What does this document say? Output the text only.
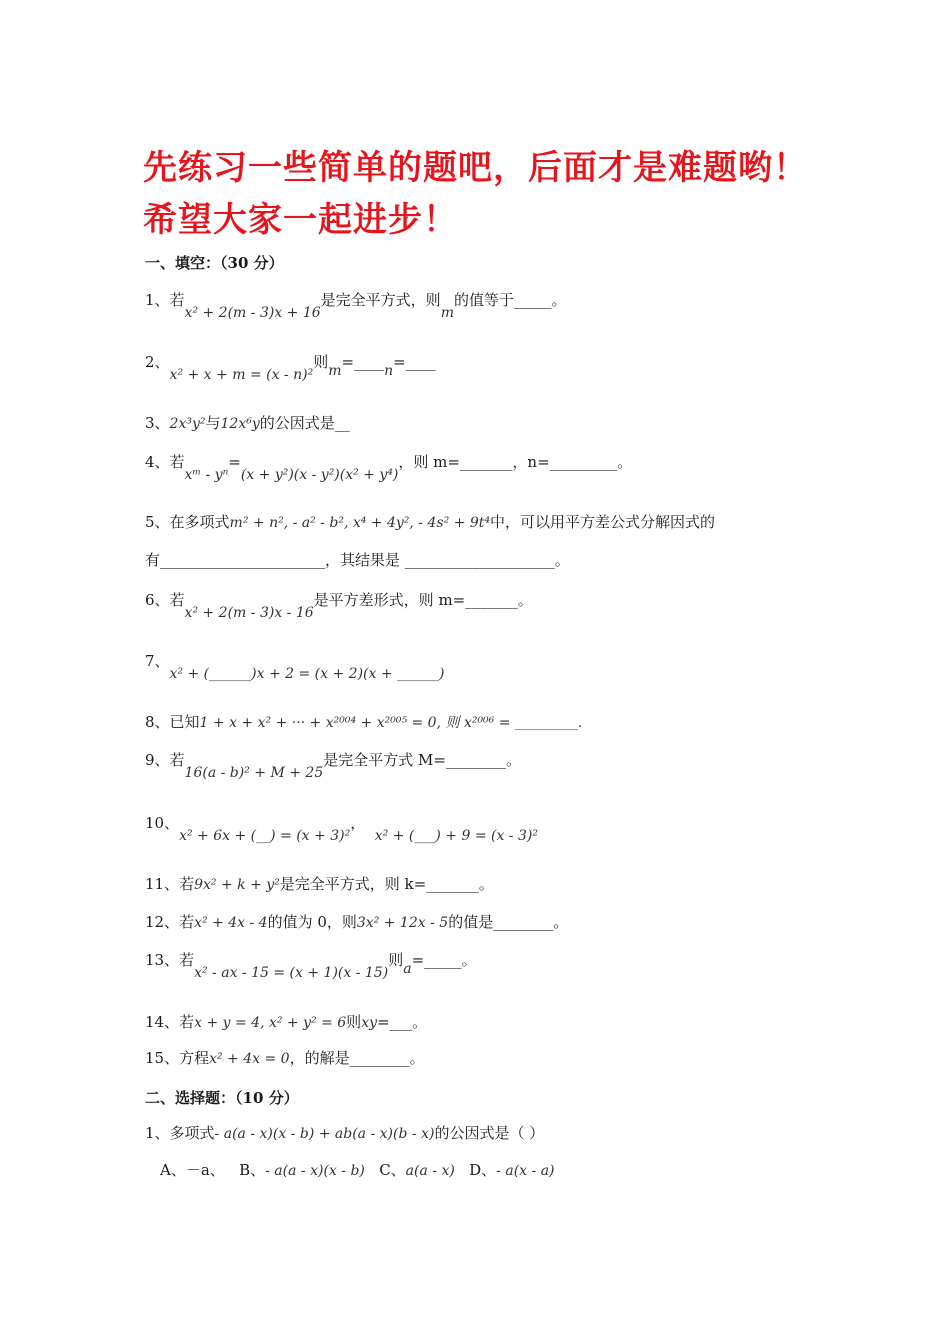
先练习一些简单的题吧，后面才是难题哟！
希望大家一起进步！
一、填空：（30 分）
1、若x² + 2(m - 3)x + 16是完全平方式，则m的值等于_____。
2、x² + x + m = (x - n)²则m=____n=____
3、2x³y²与12x⁶y的公因式是__
4、若xᵐ - yⁿ=(x + y²)(x - y²)(x² + y⁴)，则 m=_______，n=_________。
5、在多项式m² + n², - a² - b², x⁴ + 4y², - 4s² + 9t⁴中，可以用平方差公式分解因式的
有______________________，其结果是 ____________________。
6、若x² + 2(m - 3)x - 16是平方差形式，则 m=_______。
7、x² + (______)x + 2 = (x + 2)(x + ______)
8、已知1 + x + x² + ··· + x²⁰⁰⁴ + x²⁰⁰⁵ = 0, 则 x²⁰⁰⁶ = _________.
9、若16(a - b)² + M + 25是完全平方式 M=________。
10、x² + 6x + (__) = (x + 3)²，  x² + (___) + 9 = (x - 3)²
11、若9x² + k + y²是完全平方式，则 k=_______。
12、若x² + 4x - 4的值为 0，则3x² + 12x - 5的值是________。
13、若x² - ax - 15 = (x + 1)(x - 15)则a=_____。
14、若x + y = 4, x² + y² = 6则xy=___。
15、方程x² + 4x = 0，的解是________。
二、选择题：（10 分）
1、多项式- a(a - x)(x - b) + ab(a - x)(b - x)的公因式是（ ）
A、－a、 B、- a(a - x)(x - b) C、a(a - x) D、- a(x - a)
